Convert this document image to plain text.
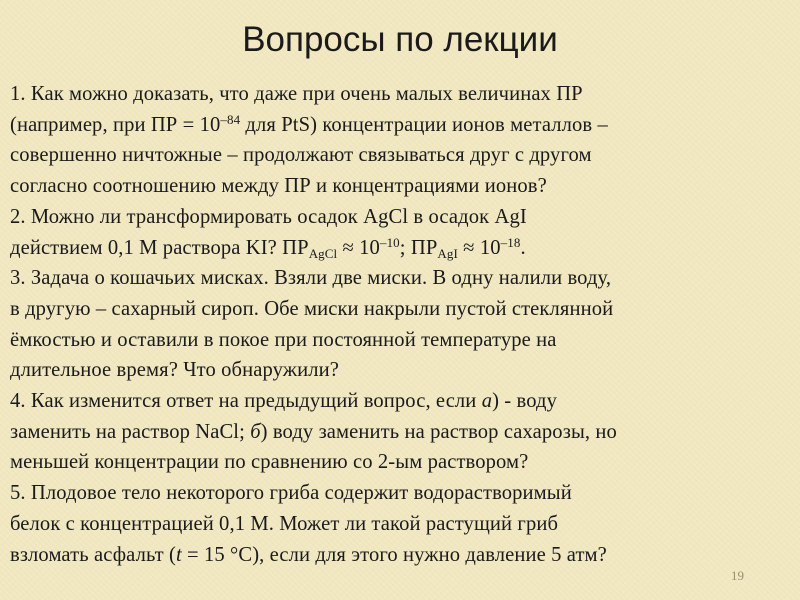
Вопросы по лекции
1. Как можно доказать, что даже при очень малых величинах ПР
(например, при ПР = $10^{-84}$ для PtS) концентрации ионов металлов –
совершенно ничтожные – продолжают связываться друг с другом
согласно соотношению между ПР и концентрациями ионов?
2. Можно ли трансформировать осадок AgCl в осадок AgI
действием 0,1 М раствора KI? $ПР_{AgCl} \approx 10^{-10}$; $ПР_{AgI} \approx 10^{-18}$.
3. Задача о кошачьих мисках. Взяли две миски. В одну налили воду,
в другую – сахарный сироп. Обе миски накрыли пустой стеклянной
ёмкостью и оставили в покое при постоянной температуре на
длительное время? Что обнаружили?
4. Как изменится ответ на предыдущий вопрос, если а) - воду
заменить на раствор NaCl; б) воду заменить на раствор сахарозы, но
меньшей концентрации по сравнению со 2-ым раствором?
5. Плодовое тело некоторого гриба содержит водорастворимый
белок с концентрацией 0,1 М. Может ли такой растущий гриб
взломать асфальт (t = 15 °С), если для этого нужно давление 5 атм?
19
